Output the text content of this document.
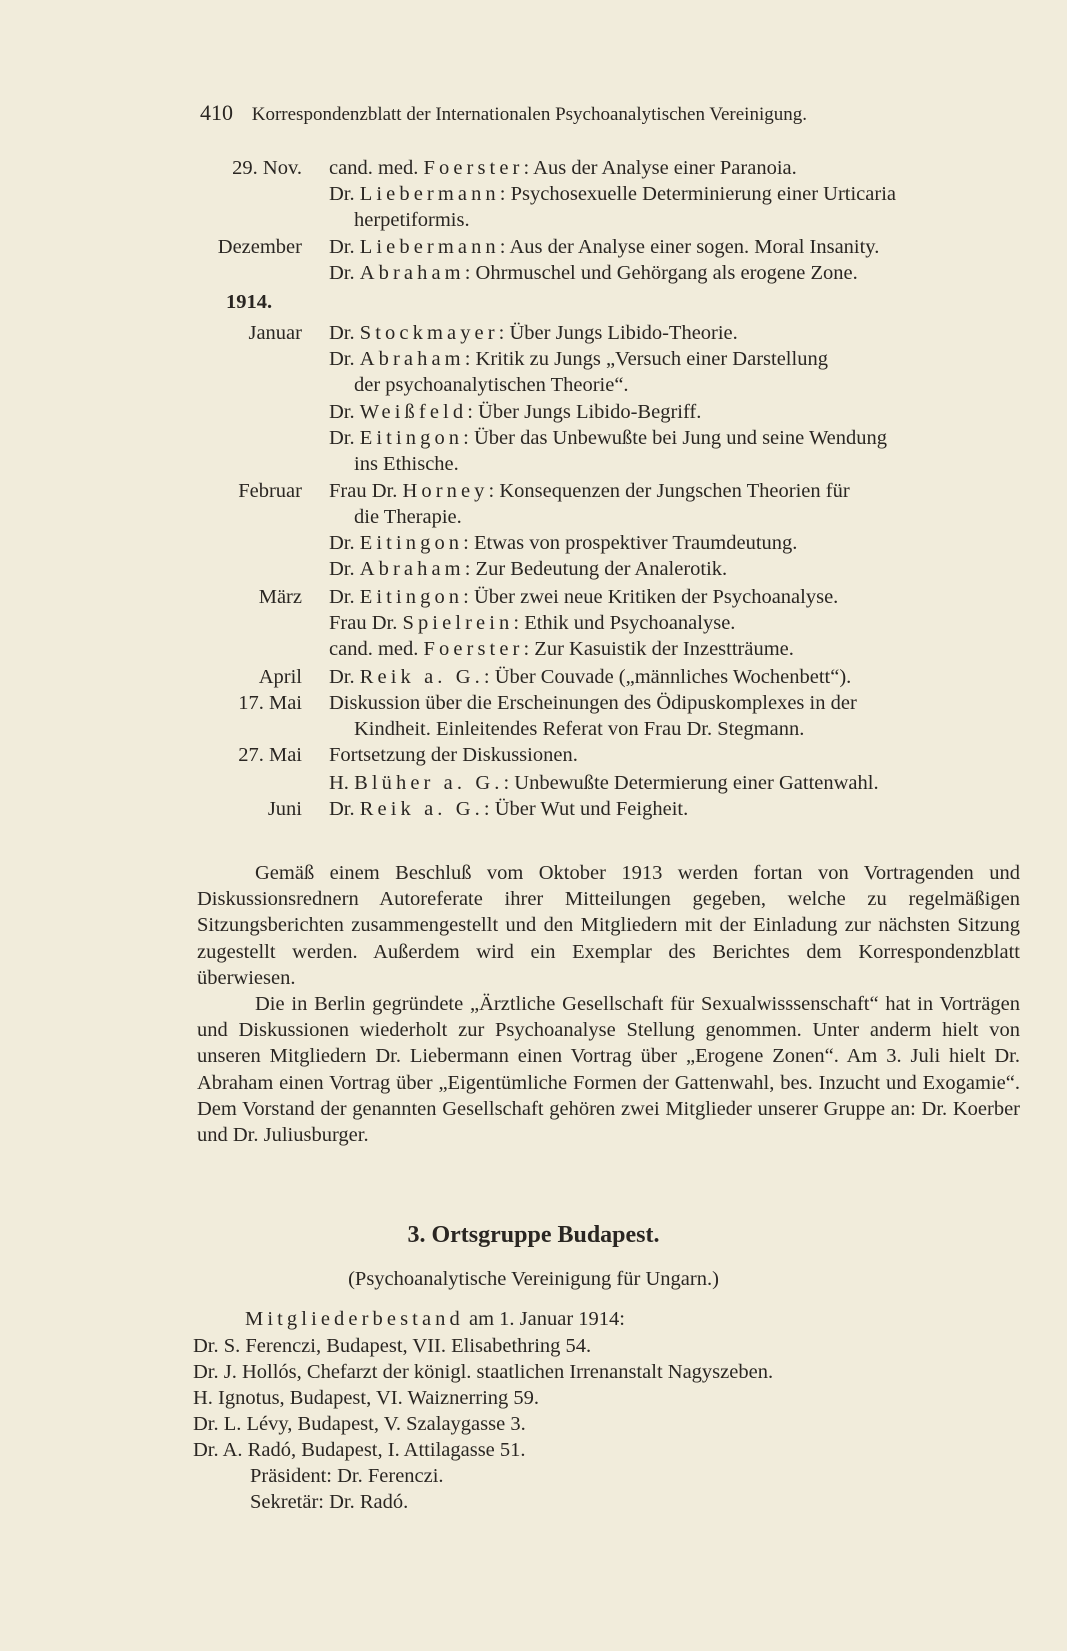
410 Korrespondenzblatt der Internationalen Psychoanalytischen Vereinigung.
29. Nov. cand. med. Foerster: Aus der Analyse einer Paranoia.
Dr. Liebermann: Psychosexuelle Determinierung einer Urticaria
herpetiformis.
Dezember Dr. Liebermann: Aus der Analyse einer sogen. Moral Insanity.
Dr. Abraham: Ohrmuschel und Gehörgang als erogene Zone.
1914.
Januar Dr. Stockmayer: Über Jungs Libido-Theorie.
Dr. Abraham: Kritik zu Jungs „Versuch einer Darstellung
der psychoanalytischen Theorie“.
Dr. Weißfeld: Über Jungs Libido-Begriff.
Dr. Eitingon: Über das Unbewußte bei Jung und seine Wendung
ins Ethische.
Februar Frau Dr. Horney: Konsequenzen der Jungschen Theorien für
die Therapie.
Dr. Eitingon: Etwas von prospektiver Traumdeutung.
Dr. Abraham: Zur Bedeutung der Analerotik.
März Dr. Eitingon: Über zwei neue Kritiken der Psychoanalyse.
Frau Dr. Spielrein: Ethik und Psychoanalyse.
cand. med. Foerster: Zur Kasuistik der Inzestträume.
April Dr. Reik a. G.: Über Couvade („männliches Wochenbett“).
17. Mai Diskussion über die Erscheinungen des Ödipuskomplexes in der
Kindheit. Einleitendes Referat von Frau Dr. Stegmann.
27. Mai Fortsetzung der Diskussionen.
H. Blüher a. G.: Unbewußte Determierung einer Gattenwahl.
Juni Dr. Reik a. G.: Über Wut und Feigheit.

Gemäß einem Beschluß vom Oktober 1913 werden fortan von Vortragenden und Diskussionsrednern Autoreferate ihrer Mitteilungen gegeben, welche zu regelmäßigen Sitzungsberichten zusammengestellt und den Mitgliedern mit der Einladung zur nächsten Sitzung zugestellt werden. Außerdem wird ein Exemplar des Berichtes dem Korrespondenzblatt überwiesen.

Die in Berlin gegründete „Ärztliche Gesellschaft für Sexualwisssenschaft“ hat in Vorträgen und Diskussionen wiederholt zur Psychoanalyse Stellung genommen. Unter anderm hielt von unseren Mitgliedern Dr. Liebermann einen Vortrag über „Erogene Zonen“. Am 3. Juli hielt Dr. Abraham einen Vortrag über „Eigentümliche Formen der Gattenwahl, bes. Inzucht und Exogamie“. Dem Vorstand der genannten Gesellschaft gehören zwei Mitglieder unserer Gruppe an: Dr. Koerber und Dr. Juliusburger.

3. Ortsgruppe Budapest.
(Psychoanalytische Vereinigung für Ungarn.)
Mitgliederbestand am 1. Januar 1914:
Dr. S. Ferenczi, Budapest, VII. Elisabethring 54.
Dr. J. Hollós, Chefarzt der königl. staatlichen Irrenanstalt Nagyszeben.
H. Ignotus, Budapest, VI. Waiznerring 59.
Dr. L. Lévy, Budapest, V. Szalaygasse 3.
Dr. A. Radó, Budapest, I. Attilagasse 51.
Präsident: Dr. Ferenczi.
Sekretär: Dr. Radó.
